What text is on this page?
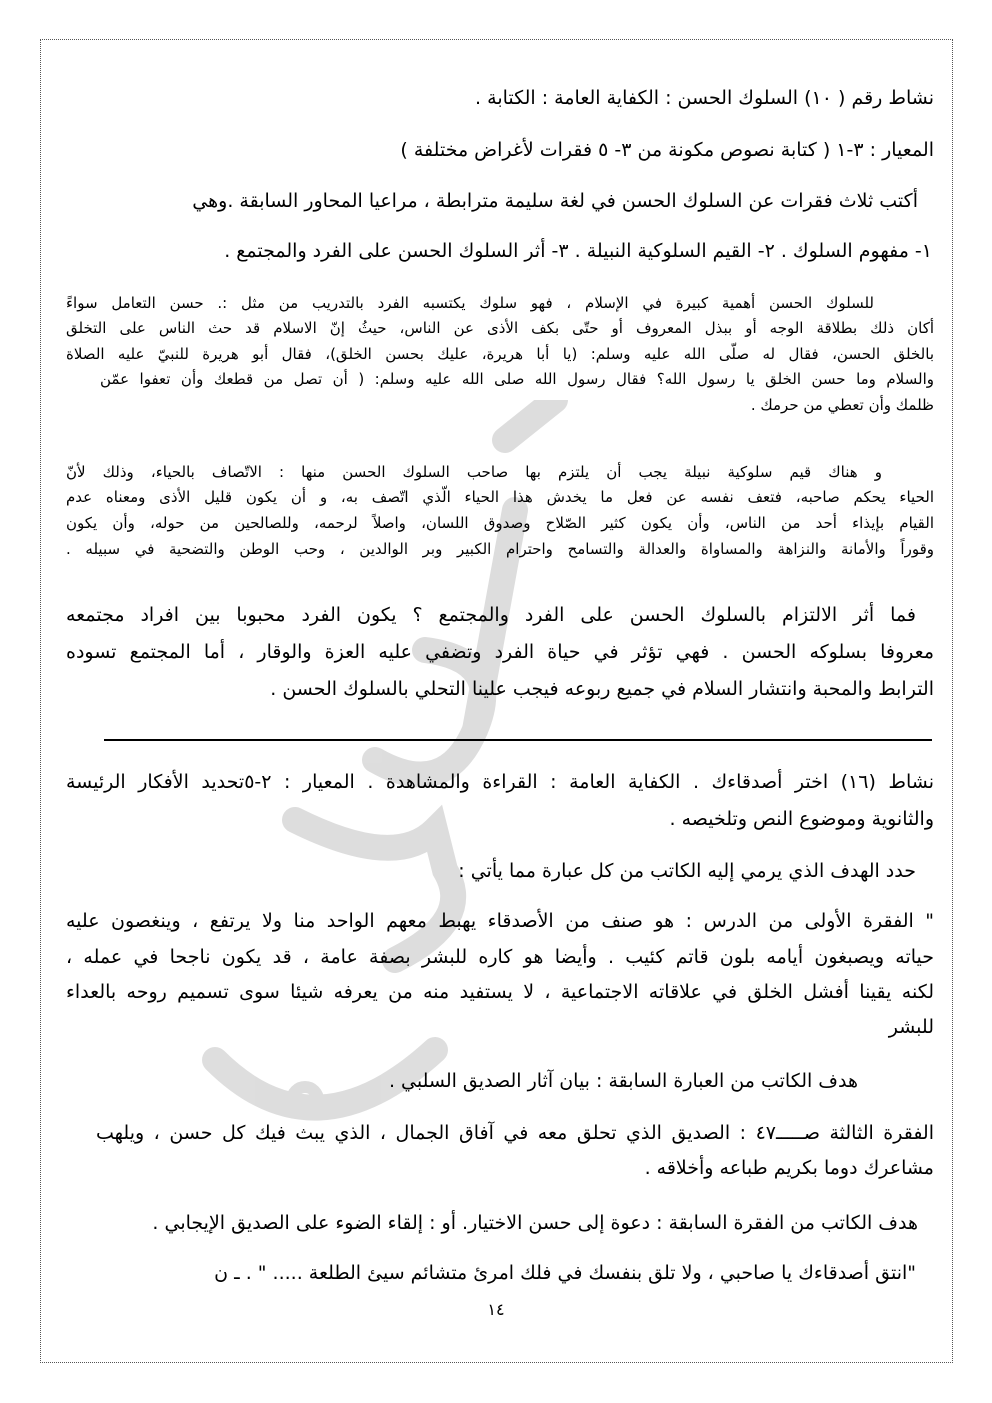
نشاط رقم ( ١٠) السلوك الحسن : الكفاية العامة : الكتابة .
المعيار : ٣-١ ( كتابة نصوص مكونة من ٣- ٥ فقرات لأغراض مختلفة )
أكتب ثلاث فقرات عن السلوك الحسن في لغة سليمة مترابطة ، مراعيا المحاور السابقة .وهي
١- مفهوم السلوك . ٢- القيم السلوكية النبيلة . ٣- أثر السلوك الحسن على الفرد والمجتمع .
للسلوك الحسن أهمية كبيرة في الإسلام ، فهو سلوك يكتسبه الفرد بالتدريب من مثل :. حسن التعامل سواءً
أكان ذلك بطلاقة الوجه أو ببذل المعروف أو حتّى بكف الأذى عن الناس، حيثُ إنّ الاسلام قد حث الناس على التخلق
بالخلق الحسن، فقال له صلّى الله عليه وسلم: (يا أبا هريرة، عليك بحسن الخلق)، فقال أبو هريرة للنبيّ عليه الصلاة
والسلام وما حسن الخلق يا رسول الله؟ فقال رسول الله صلى الله عليه وسلم: ( أن تصل من قطعك وأن تعفوا عمّن
ظلمك وأن تعطي من حرمك .
و هناك قيم سلوكية نبيلة يجب أن يلتزم بها صاحب السلوك الحسن منها : الاتّصاف بالحياء، وذلك لأنّ
الحياء يحكم صاحبه، فتعف نفسه عن فعل ما يخدش هذا الحياء الّذي اتّصف به، و أن يكون قليل الأذى ومعناه عدم
القيام بإيذاء أحد من الناس، وأن يكون كثير الصّلاح وصدوق اللسان، واصلاً لرحمه، وللصالحين من حوله، وأن يكون
وقوراً والأمانة والنزاهة والمساواة والعدالة والتسامح واحترام الكبير وبر الوالدين ، وحب الوطن والتضحية في سبيله .
فما أثر الالتزام بالسلوك الحسن على الفرد والمجتمع ؟ يكون الفرد محبوبا بين افراد مجتمعه
معروفا بسلوكه الحسن . فهي تؤثر في حياة الفرد وتضفي عليه العزة والوقار ، أما المجتمع تسوده
الترابط والمحبة وانتشار السلام في جميع ربوعه فيجب علينا التحلي بالسلوك الحسن .
نشاط (١٦) اختر أصدقاءك . الكفاية العامة : القراءة والمشاهدة . المعيار : ٢-٥تحديد الأفكار الرئيسة
والثانوية وموضوع النص وتلخيصه .
حدد الهدف الذي يرمي إليه الكاتب من كل عبارة مما يأتي :
" الفقرة الأولى من الدرس : هو صنف من الأصدقاء يهبط معهم الواحد منا ولا يرتفع ، وينغصون عليه
حياته ويصبغون أيامه بلون قاتم كئيب . وأيضا هو كاره للبشر بصفة عامة ، قد يكون ناجحا في عمله ،
لكنه يقينا أفشل الخلق في علاقاته الاجتماعية ، لا يستفيد منه من يعرفه شيئا سوى تسميم روحه بالعداء
للبشر
هدف الكاتب من العبارة السابقة : بيان آثار الصديق السلبي .
الفقرة الثالثة صـــــ٤٧ : الصديق الذي تحلق معه في آفاق الجمال ، الذي يبث فيك كل حسن ، ويلهب
مشاعرك دوما بكريم طباعه وأخلاقه .
هدف الكاتب من الفقرة السابقة : دعوة إلى حسن الاختيار. أو : إلقاء الضوء على الصديق الإيجابي .
"انتق أصدقاءك يا صاحبي ، ولا تلق بنفسك في فلك امرئ متشائم سيئ الطلعة ..... " . ـ ن
١٤
